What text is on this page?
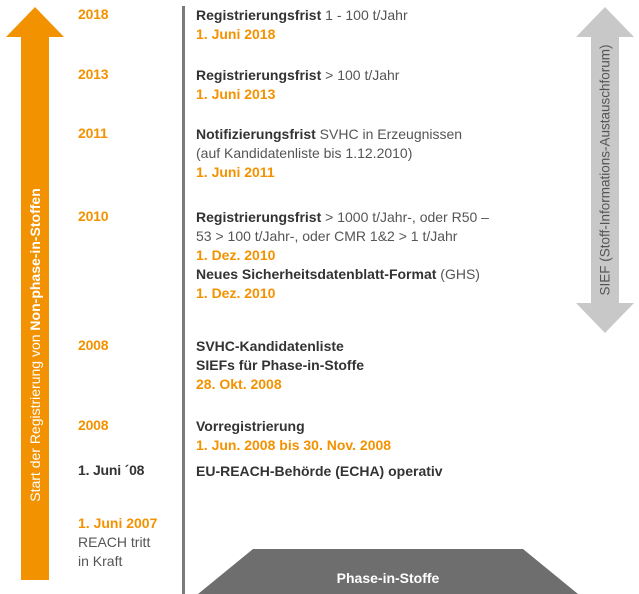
Start der Registrierung von Non-phase-in-Stoffen	SIEF (Stoff-Informations-Austauschforum)
2018
2013
2011
2010
2008
2008
1. Juni ´08
Registrierungsfrist 1 - 100 t/Jahr
1. Juni 2018
Registrierungsfrist > 100 t/Jahr
1. Juni 2013
Notifizierungsfrist SVHC in Erzeugnissen
(auf Kandidatenliste bis 1.12.2010)
1. Juni 2011
Registrierungsfrist > 1000 t/Jahr-, oder R50 –
53 > 100 t/Jahr-, oder CMR 1&2 > 1 t/Jahr
1. Dez. 2010
Neues Sicherheitsdatenblatt-Format (GHS)
1. Dez. 2010
SVHC-Kandidatenliste
SIEFs für Phase-in-Stoffe
28. Okt. 2008
Vorregistrierung
1. Jun. 2008 bis 30. Nov. 2008
EU-REACH-Behörde (ECHA) operativ
1. Juni 2007
REACH tritt
in Kraft
Phase-in-Stoffe
